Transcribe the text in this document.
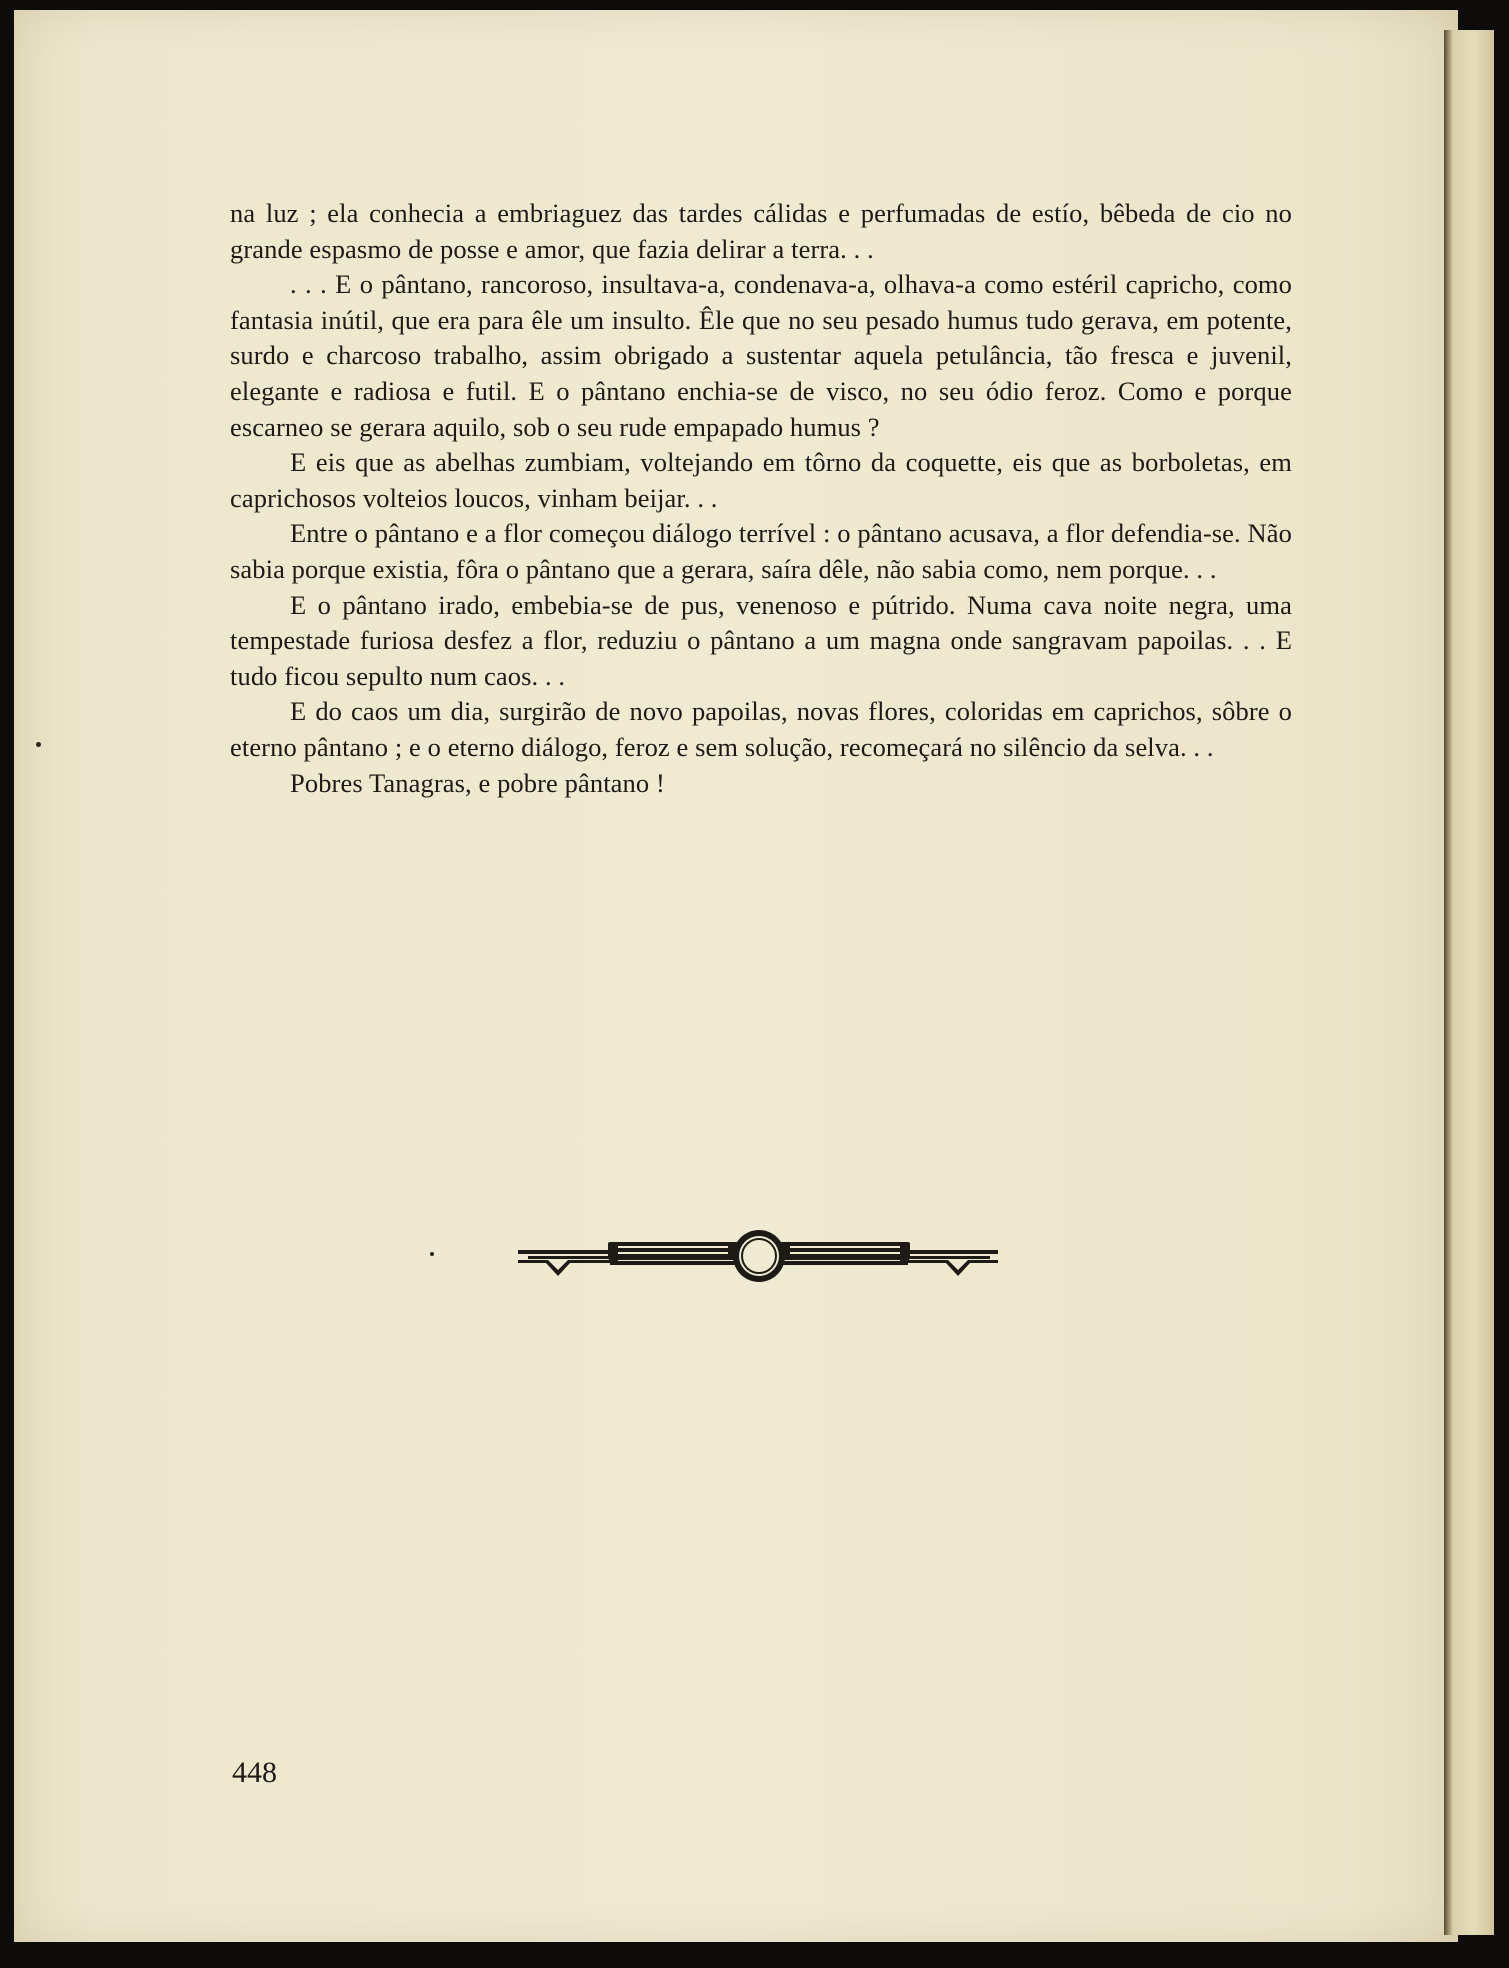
na luz ; ela conhecia a embriaguez das tardes cálidas e perfumadas de estío, bêbeda de cio no grande espasmo de posse e amor, que fazia delirar a terra. . .

. . . E o pântano, rancoroso, insultava-a, condenava-a, olhava-a como estéril capricho, como fantasia inútil, que era para êle um insulto. Êle que no seu pesado humus tudo gerava, em potente, surdo e charcoso trabalho, assim obrigado a sustentar aquela petulância, tão fresca e juvenil, elegante e radiosa e futil. E o pântano enchia-se de visco, no seu ódio feroz. Como e porque escarneo se gerara aquilo, sob o seu rude empapado humus ?

E eis que as abelhas zumbiam, voltejando em tôrno da coquette, eis que as borboletas, em caprichosos volteios loucos, vinham beijar. . .

Entre o pântano e a flor começou diálogo terrível : o pântano acusava, a flor defendia-se. Não sabia porque existia, fôra o pântano que a gerara, saíra dêle, não sabia como, nem porque. . .

E o pântano irado, embebia-se de pus, venenoso e pútrido. Numa cava noite negra, uma tempestade furiosa desfez a flor, reduziu o pântano a um magna onde sangravam papoilas. . . E tudo ficou sepulto num caos. . .

E do caos um dia, surgirão de novo papoilas, novas flores, coloridas em caprichos, sôbre o eterno pântano ; e o eterno diálogo, feroz e sem solução, recomeçará no silêncio da selva. . .

Pobres Tanagras, e pobre pântano !

448
